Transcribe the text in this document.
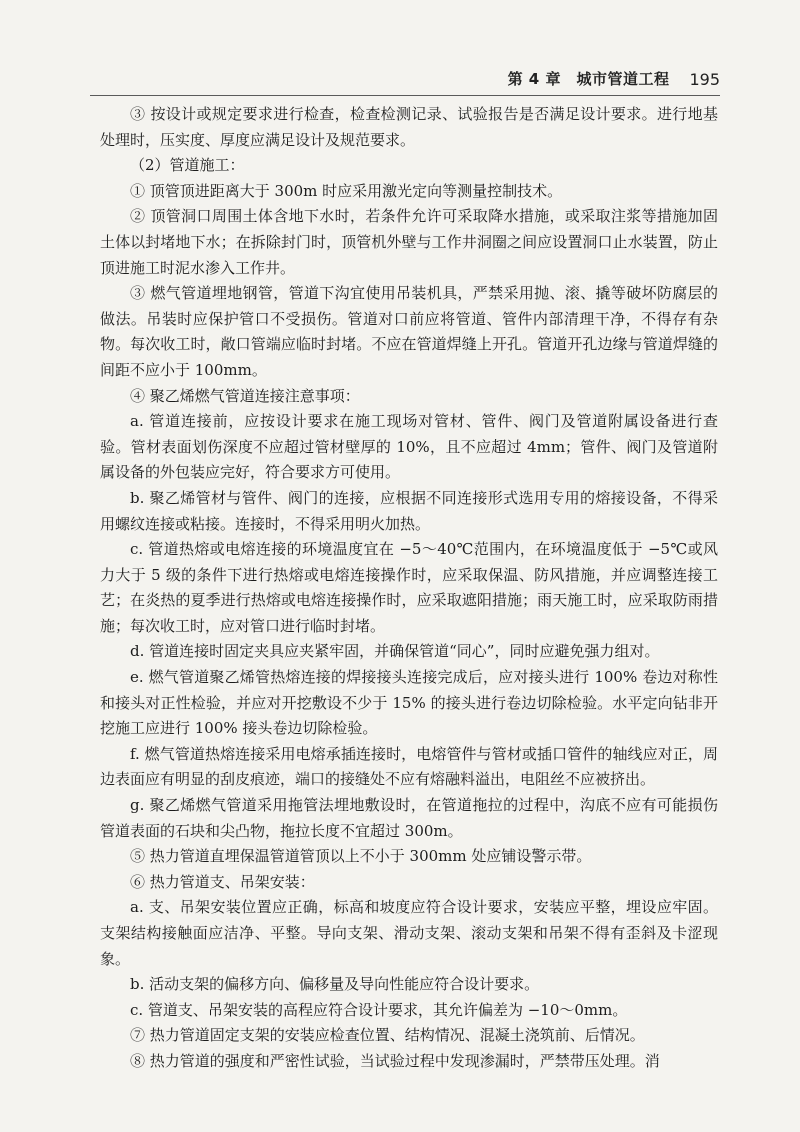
第 4 章　城市管道工程 195

③ 按设计或规定要求进行检查，检查检测记录、试验报告是否满足设计要求。进行地基处理时，压实度、厚度应满足设计及规范要求。

（2）管道施工：

① 顶管顶进距离大于 300m 时应采用激光定向等测量控制技术。

② 顶管洞口周围土体含地下水时，若条件允许可采取降水措施，或采取注浆等措施加固土体以封堵地下水；在拆除封门时，顶管机外壁与工作井洞圈之间应设置洞口止水装置，防止顶进施工时泥水渗入工作井。

③ 燃气管道埋地钢管，管道下沟宜使用吊装机具，严禁采用抛、滚、撬等破坏防腐层的做法。吊装时应保护管口不受损伤。管道对口前应将管道、管件内部清理干净，不得存有杂物。每次收工时，敞口管端应临时封堵。不应在管道焊缝上开孔。管道开孔边缘与管道焊缝的间距不应小于 100mm。

④ 聚乙烯燃气管道连接注意事项：

a. 管道连接前，应按设计要求在施工现场对管材、管件、阀门及管道附属设备进行查验。管材表面划伤深度不应超过管材壁厚的 10%，且不应超过 4mm；管件、阀门及管道附属设备的外包装应完好，符合要求方可使用。

b. 聚乙烯管材与管件、阀门的连接，应根据不同连接形式选用专用的熔接设备，不得采用螺纹连接或粘接。连接时，不得采用明火加热。

c. 管道热熔或电熔连接的环境温度宜在 −5～40℃范围内，在环境温度低于 −5℃或风力大于 5 级的条件下进行热熔或电熔连接操作时，应采取保温、防风措施，并应调整连接工艺；在炎热的夏季进行热熔或电熔连接操作时，应采取遮阳措施；雨天施工时，应采取防雨措施；每次收工时，应对管口进行临时封堵。

d. 管道连接时固定夹具应夹紧牢固，并确保管道“同心”，同时应避免强力组对。

e. 燃气管道聚乙烯管热熔连接的焊接接头连接完成后，应对接头进行 100% 卷边对称性和接头对正性检验，并应对开挖敷设不少于 15% 的接头进行卷边切除检验。水平定向钻非开挖施工应进行 100% 接头卷边切除检验。

f. 燃气管道热熔连接采用电熔承插连接时，电熔管件与管材或插口管件的轴线应对正，周边表面应有明显的刮皮痕迹，端口的接缝处不应有熔融料溢出，电阻丝不应被挤出。

g. 聚乙烯燃气管道采用拖管法埋地敷设时，在管道拖拉的过程中，沟底不应有可能损伤管道表面的石块和尖凸物，拖拉长度不宜超过 300m。

⑤ 热力管道直埋保温管道管顶以上不小于 300mm 处应铺设警示带。

⑥ 热力管道支、吊架安装：

a. 支、吊架安装位置应正确，标高和坡度应符合设计要求，安装应平整，埋设应牢固。支架结构接触面应洁净、平整。导向支架、滑动支架、滚动支架和吊架不得有歪斜及卡涩现象。

b. 活动支架的偏移方向、偏移量及导向性能应符合设计要求。

c. 管道支、吊架安装的高程应符合设计要求，其允许偏差为 −10～0mm。

⑦ 热力管道固定支架的安装应检查位置、结构情况、混凝土浇筑前、后情况。

⑧ 热力管道的强度和严密性试验，当试验过程中发现渗漏时，严禁带压处理。消
